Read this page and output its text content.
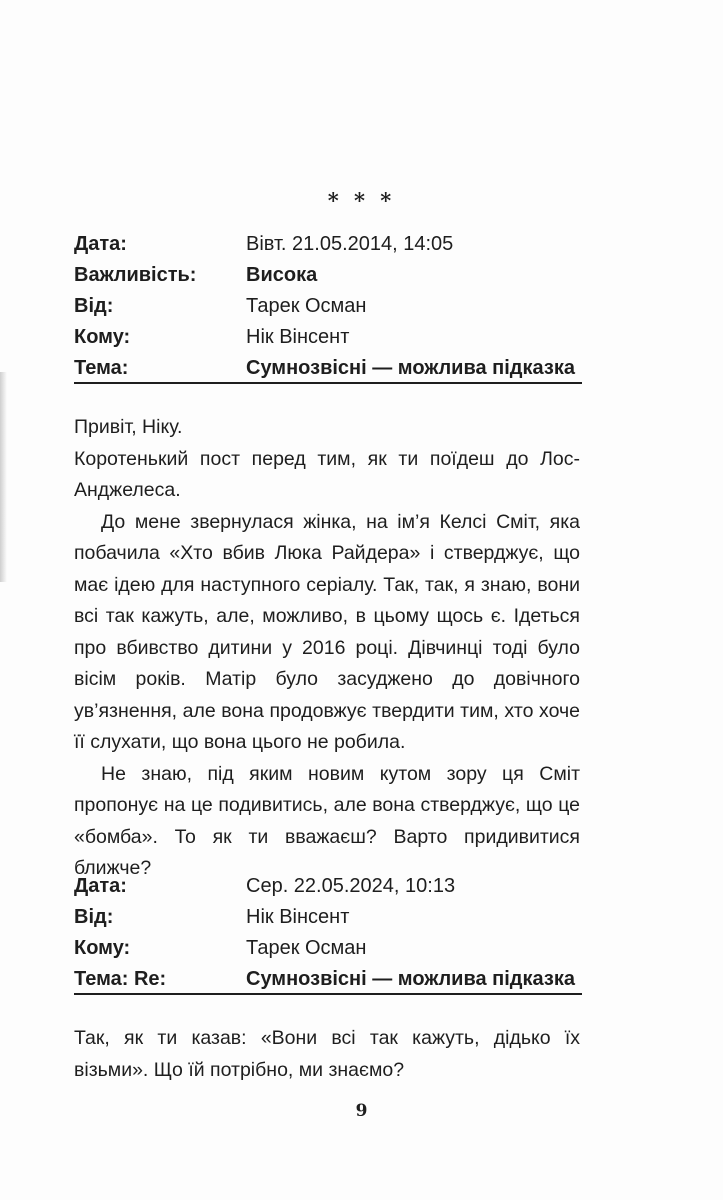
* * *
Дата:	Вівт. 21.05.2014, 14:05
Важливість: Висока
Від:	Тарек Осман
Кому:	Нік Вінсент
Тема:	Сумнозвісні — можлива підказка

Привіт, Ніку.

Коротенький пост перед тим, як ти поїдеш до Лос-Анджелеса.

До мене звернулася жінка, на ім’я Келсі Сміт, яка побачила «Хто вбив Люка Райдера» і стверджує, що має ідею для наступного серіалу. Так, так, я знаю, вони всі так кажуть, але, можливо, в цьому щось є. Ідеться про вбивство дитини у 2016 році. Дівчинці тоді було вісім років. Матір було засуджено до довічного ув’язнення, але вона продовжує твердити тим, хто хоче її слухати, що вона цього не робила.

Не знаю, під яким новим кутом зору ця Сміт пропонує на це подивитись, але вона стверджує, що це «бомба». То як ти вважаєш? Варто придивитися ближче?

Дата:	Сер. 22.05.2024, 10:13
Від:	Нік Вінсент
Кому:	Тарек Осман
Тема: Re:	Сумнозвісні — можлива підказка

Так, як ти казав: «Вони всі так кажуть, дідько їх візьми». Що їй потрібно, ми знаємо?

9
